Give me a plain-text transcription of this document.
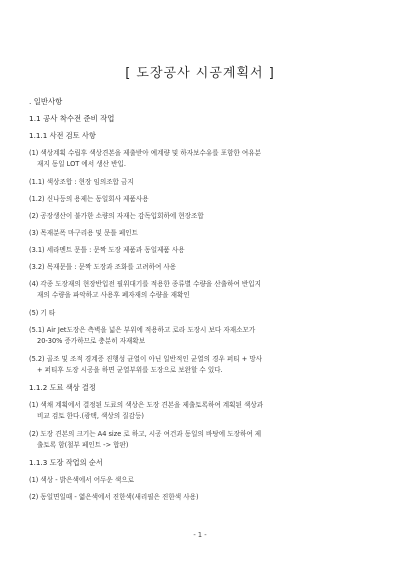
[ 도장공사 시공계획서 ]
. 일반사항
1.1 공사 착수전 준비 작업
1.1.1 사전 검토 사항
(1) 색상계획 수립후 색상견본을 제출받아 예계량 및 하자보수유를 포함한 여유분
재지 동일 LOT 에서 생산 반입.
(1.1) 색상조합 : 현장 임의조합 금지
(1.2) 신나등의 용제는 동일회사 제품사용
(2) 공장생산이 불가한 소량의 자재는 감독입회하에 현장조합
(3) 목재분폭 마구리용 및 문틀 페인트
(3.1) 세라멘트 문틀 : 문짝 도장 제품과 동일제품 사용
(3.2) 목재문틀 : 문짝 도장과 조화를 고려하여 사용
(4) 각종 도장재의 현장반입전 필위대기를 적용한 종류별 수량을 산출하여 반입지
재의 수량을 파악하고 사용후 폐자재의 수량을 재확인
(5) 기 타
(5.1) Air Jet도장은 측벽을 넓은 부위에 적용하고 로라 도장시 보다 자재소모가
20-30% 증가하므로 충분히 자재확보
(5.2) 골조 및 조적 경계증 진행성 균열이 아닌 일반적인 균열의 경우 퍼티 + 망사
+ 퍼티후 도장 시공을 하면 균열부위를 도장으로 보완할 수 있다.
1.1.2 도료 색상 결정
(1) 색채 계획에서 결정된 도료의 색상은 도장 견본을 제출토록하여 계획된 색상과
비교 검토 한다.(광택, 색상의 질감등)
(2) 도장 견본의 크기는 A4 size 로 하고, 시공 여건과 동일의 바탕에 도장하여 제
출토록 함(철부 페인트 -> 합판)
1.1.3 도장 작업의 순서
(1) 색상 - 밝은색에서 어두운 색으로
(2) 동일면일때 - 엷은색에서 진한색(새리필은 진한색 사용)
- 1 -
